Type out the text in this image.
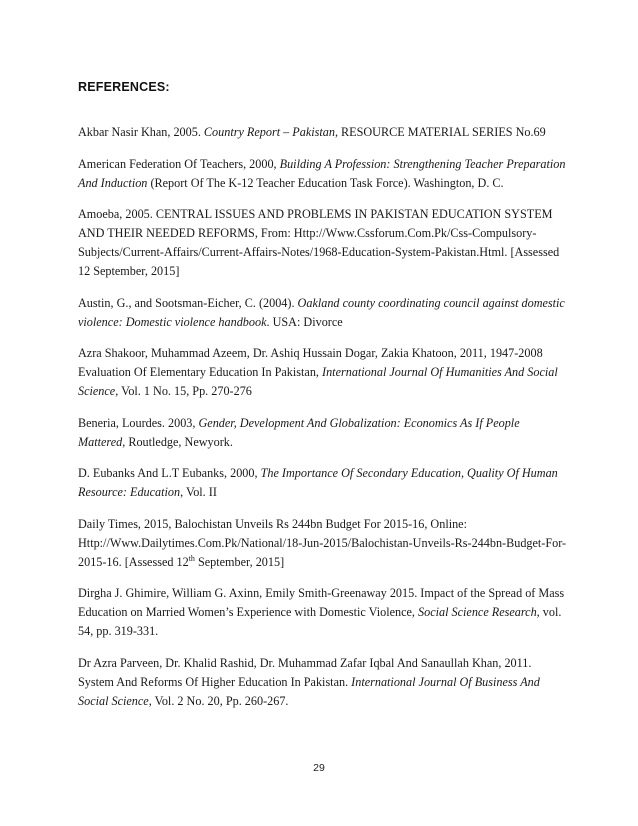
REFERENCES:

Akbar Nasir Khan, 2005. Country Report – Pakistan, RESOURCE MATERIAL SERIES No.69

American Federation Of Teachers, 2000, Building A Profession: Strengthening Teacher Preparation And Induction (Report Of The K-12 Teacher Education Task Force). Washington, D. C.

Amoeba, 2005. CENTRAL ISSUES AND PROBLEMS IN PAKISTAN EDUCATION SYSTEM AND THEIR NEEDED REFORMS, From: Http://Www.Cssforum.Com.Pk/Css-Compulsory-Subjects/Current-Affairs/Current-Affairs-Notes/1968-Education-System-Pakistan.Html. [Assessed 12 September, 2015]

Austin, G., and Sootsman-Eicher, C. (2004). Oakland county coordinating council against domestic violence: Domestic violence handbook. USA: Divorce

Azra Shakoor, Muhammad Azeem, Dr. Ashiq Hussain Dogar, Zakia Khatoon, 2011, 1947-2008 Evaluation Of Elementary Education In Pakistan, International Journal Of Humanities And Social Science, Vol. 1 No. 15, Pp. 270-276

Beneria, Lourdes. 2003, Gender, Development And Globalization: Economics As If People Mattered, Routledge, Newyork.

D. Eubanks And L.T Eubanks, 2000, The Importance Of Secondary Education, Quality Of Human Resource: Education, Vol. II

Daily Times, 2015, Balochistan Unveils Rs 244bn Budget For 2015-16, Online: Http://Www.Dailytimes.Com.Pk/National/18-Jun-2015/Balochistan-Unveils-Rs-244bn-Budget-For-2015-16. [Assessed 12th September, 2015]

Dirgha J. Ghimire, William G. Axinn, Emily Smith-Greenaway 2015. Impact of the Spread of Mass Education on Married Women’s Experience with Domestic Violence, Social Science Research, vol. 54, pp. 319-331.

Dr Azra Parveen, Dr. Khalid Rashid, Dr. Muhammad Zafar Iqbal And Sanaullah Khan, 2011. System And Reforms Of Higher Education In Pakistan. International Journal Of Business And Social Science, Vol. 2 No. 20, Pp. 260-267.

29
